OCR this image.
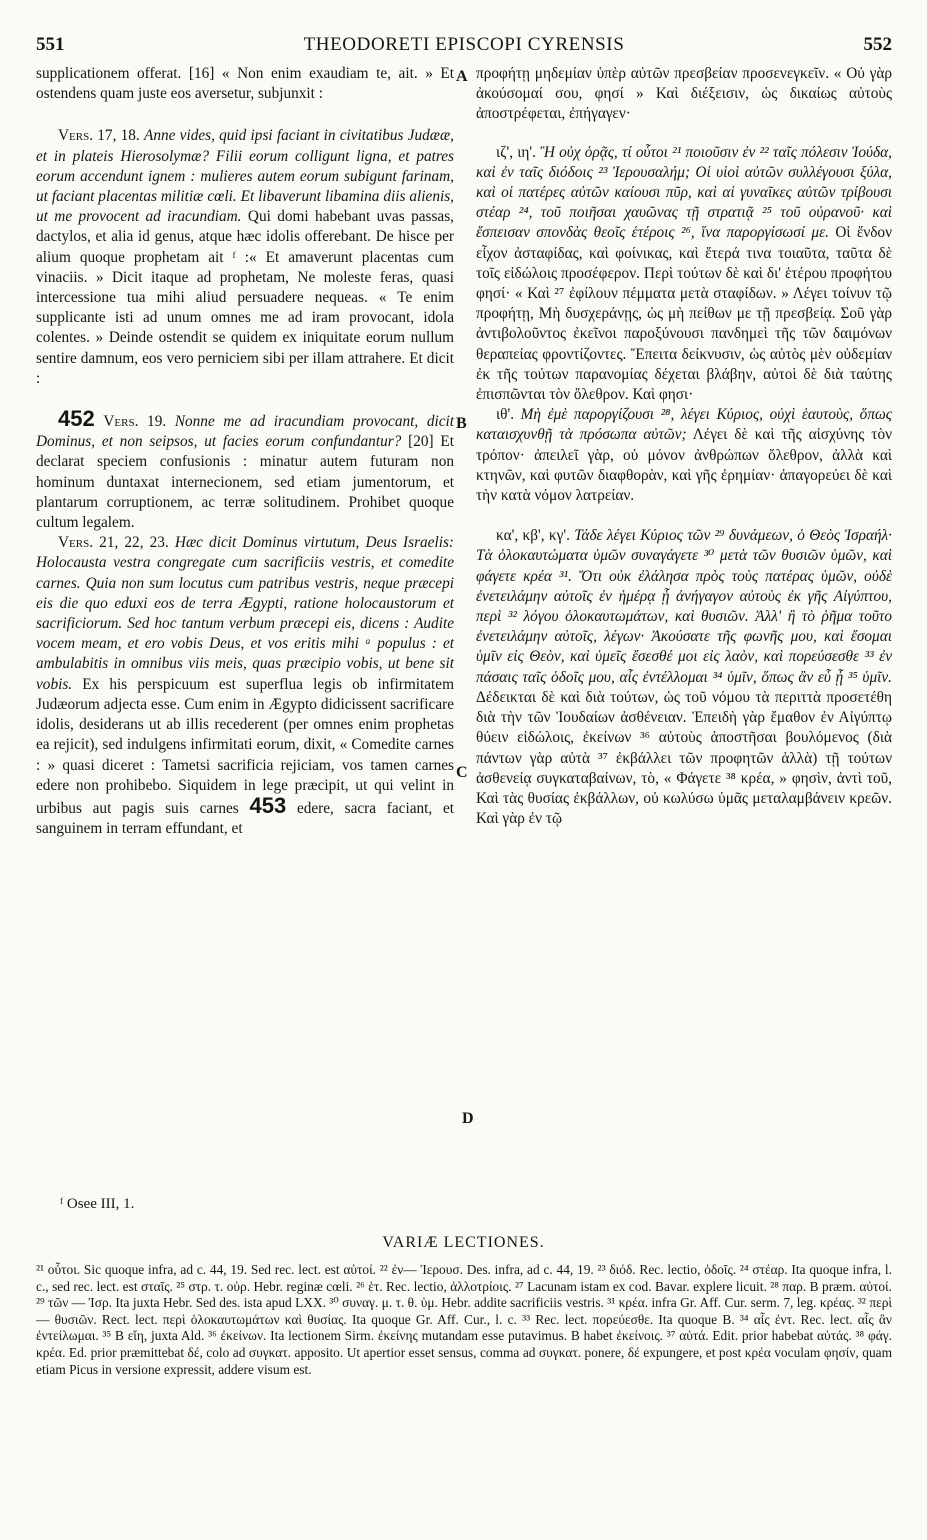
551	THEODORETI EPISCOPI CYRENSIS	552
A
B
C
D

supplicationem offerat. [16] « Non enim exaudiam te, ait. » Et ostendens quam juste eos aversetur, subjunxit :

Vers. 17, 18. Anne vides, quid ipsi faciant in civitatibus Judææ, et in plateis Hierosolymæ? Filii eorum colligunt ligna, et patres eorum accendunt ignem : mulieres autem eorum subigunt farinam, ut faciant placentas militiæ cœli. Et libaverunt libamina diis alienis, ut me provocent ad iracundiam. Qui domi habebant uvas passas, dactylos, et alia id genus, atque hæc idolis offerebant. De hisce per alium quoque prophetam ait ᶠ :« Et amaverunt placentas cum vinaciis. » Dicit itaque ad prophetam, Ne moleste feras, quasi intercessione tua mihi aliud persuadere nequeas. « Te enim supplicante isti ad unum omnes me ad iram provocant, idola colentes. » Deinde ostendit se quidem ex iniquitate eorum nullum sentire damnum, eos vero perniciem sibi per illam attrahere. Et dicit :

452 Vers. 19. Nonne me ad iracundiam provocant, dicit Dominus, et non seipsos, ut facies eorum confundantur? [20] Et declarat speciem confusionis : minatur autem futuram non hominum duntaxat internecionem, sed etiam jumentorum, et plantarum corruptionem, ac terræ solitudinem. Prohibet quoque cultum legalem.

Vers. 21, 22, 23. Hæc dicit Dominus virtutum, Deus Israelis: Holocausta vestra congregate cum sacrificiis vestris, et comedite carnes. Quia non sum locutus cum patribus vestris, neque præcepi eis die quo eduxi eos de terra Ægypti, ratione holocaustorum et sacrificiorum. Sed hoc tantum verbum præcepi eis, dicens : Audite vocem meam, et ero vobis Deus, et vos eritis mihi ᵃ populus : et ambulabitis in omnibus viis meis, quas præcipio vobis, ut bene sit vobis. Ex his perspicuum est superflua legis ob infirmitatem Judæorum adjecta esse. Cum enim in Ægypto didicissent sacrificare idolis, desiderans ut ab illis recederent (per omnes enim prophetas ea rejicit), sed indulgens infirmitati eorum, dixit, « Comedite carnes : » quasi diceret : Tametsi sacrificia rejiciam, vos tamen carnes edere non prohibebo. Siquidem in lege præcipit, ut qui velint in urbibus aut pagis suis carnes 453 edere, sacra faciant, et sanguinem in terram effundant, et

προφήτῃ μηδεμίαν ὑπὲρ αὐτῶν πρεσβείαν προσενεγκεῖν. « Οὐ γὰρ ἀκούσομαί σου, φησί » Καὶ διέξεισιν, ὡς δικαίως αὐτοὺς ἀποστρέφεται, ἐπήγαγεν·

ιζ', ιη'. Ἢ οὐχ ὁρᾷς, τί οὗτοι ²¹ ποιοῦσιν ἐν ²² ταῖς πόλεσιν Ἰούδα, καὶ ἐν ταῖς διόδοις ²³ Ἱερουσαλήμ; Οἱ υἱοὶ αὐτῶν συλλέγουσι ξύλα, καὶ οἱ πατέρες αὐτῶν καίουσι πῦρ, καὶ αἱ γυναῖκες αὐτῶν τρίβουσι στέαρ ²⁴, τοῦ ποιῆσαι χαυῶνας τῇ στρατιᾷ ²⁵ τοῦ οὐρανοῦ· καὶ ἔσπεισαν σπονδὰς θεοῖς ἑτέροις ²⁶, ἵνα παροργίσωσί με. Οἱ ἔνδον εἶχον ἀσταφίδας, καὶ φοίνικας, καὶ ἕτερά τινα τοιαῦτα, ταῦτα δὲ τοῖς εἰδώλοις προσέφερον. Περὶ τούτων δὲ καὶ δι' ἑτέρου προφήτου φησί· « Καὶ ²⁷ ἐφίλουν πέμματα μετὰ σταφίδων. » Λέγει τοίνυν τῷ προφήτῃ, Μὴ δυσχεράνῃς, ὡς μὴ πείθων με τῇ πρεσβείᾳ. Σοῦ γὰρ ἀντιβολοῦντος ἐκεῖνοι παροξύνουσι πανδημεὶ τῆς τῶν δαιμόνων θεραπείας φροντίζοντες. Ἔπειτα δείκνυσιν, ὡς αὐτὸς μὲν οὐδεμίαν ἐκ τῆς τούτων παρανομίας δέχεται βλάβην, αὐτοὶ δὲ διὰ ταύτης ἐπισπῶνται τὸν ὄλεθρον. Καὶ φησι·

ιθ'. Μὴ ἐμὲ παροργίζουσι ²⁸, λέγει Κύριος, οὐχὶ ἑαυτοὺς, ὅπως καταισχυνθῇ τὰ πρόσωπα αὐτῶν; Λέγει δὲ καὶ τῆς αἰσχύνης τὸν τρόπον· ἀπειλεῖ γὰρ, οὐ μόνον ἀνθρώπων ὄλεθρον, ἀλλὰ καὶ κτηνῶν, καὶ φυτῶν διαφθορὰν, καὶ γῆς ἐρημίαν· ἀπαγορεύει δὲ καὶ τὴν κατὰ νόμον λατρείαν.

κα', κβ', κγ'. Τάδε λέγει Κύριος τῶν ²⁹ δυνάμεων, ὁ Θεὸς Ἰσραήλ· Τὰ ὁλοκαυτώματα ὑμῶν συναγάγετε ³⁰ μετὰ τῶν θυσιῶν ὑμῶν, καὶ φάγετε κρέα ³¹. Ὅτι οὐκ ἐλάλησα πρὸς τοὺς πατέρας ὑμῶν, οὐδὲ ἐνετειλάμην αὐτοῖς ἐν ἡμέρᾳ ᾗ ἀνήγαγον αὐτοὺς ἐκ γῆς Αἰγύπτου, περὶ ³² λόγου ὁλοκαυτωμάτων, καὶ θυσιῶν. Ἀλλ' ἢ τὸ ῥῆμα τοῦτο ἐνετειλάμην αὐτοῖς, λέγων· Ἀκούσατε τῆς φωνῆς μου, καὶ ἔσομαι ὑμῖν εἰς Θεὸν, καὶ ὑμεῖς ἔσεσθέ μοι εἰς λαὸν, καὶ πορεύσεσθε ³³ ἐν πάσαις ταῖς ὁδοῖς μου, αἷς ἐντέλλομαι ³⁴ ὑμῖν, ὅπως ἂν εὖ ᾖ ³⁵ ὑμῖν. Δέδεικται δὲ καὶ διὰ τούτων, ὡς τοῦ νόμου τὰ περιττὰ προσετέθη διὰ τὴν τῶν Ἰουδαίων ἀσθένειαν. Ἐπειδὴ γὰρ ἔμαθον ἐν Αἰγύπτῳ θύειν εἰδώλοις, ἐκείνων ³⁶ αὐτοὺς ἀποστῆσαι βουλόμενος (διὰ πάντων γὰρ αὐτὰ ³⁷ ἐκβάλλει τῶν προφητῶν ἀλλὰ) τῇ τούτων ἀσθενείᾳ συγκαταβαίνων, τὸ, « Φάγετε ³⁸ κρέα, » φησὶν, ἀντὶ τοῦ, Καὶ τὰς θυσίας ἐκβάλλων, οὐ κωλύσω ὑμᾶς μεταλαμβάνειν κρεῶν. Καὶ γὰρ ἐν τῷ

ᶠ Osee III, 1.
VARIÆ LECTIONES.
²¹ οὗτοι. Sic quoque infra, ad c. 44, 19. Sed rec. lect. est αὐτοί. ²² ἐν— Ἱερουσ. Des. infra, ad c. 44, 19. ²³ διόδ. Rec. lectio, ὁδοῖς. ²⁴ στέαρ. Ita quoque infra, l. c., sed rec. lect. est σταῖς. ²⁵ στρ. τ. οὐρ. Hebr. reginæ cœli. ²⁶ ἑτ. Rec. lectio, ἀλλοτρίοις. ²⁷ Lacunam istam ex cod. Bavar. explere licuit. ²⁸ παρ. B præm. αὐτοί. ²⁹ τῶν — Ἰσρ. Ita juxta Hebr. Sed des. ista apud LXX. ³⁰ συναγ. μ. τ. θ. ὑμ. Hebr. addite sacrificiis vestris. ³¹ κρέα. infra Gr. Aff. Cur. serm. 7, leg. κρέας. ³² περὶ — θυσιῶν. Rect. lect. περὶ ὁλοκαυτωμάτων καὶ θυσίας. Ita quoque Gr. Aff. Cur., l. c. ³³ Rec. lect. πορεύεσθε. Ita quoque B. ³⁴ αἷς ἐντ. Rec. lect. αἷς ἂν ἐντείλωμαι. ³⁵ B εἴη, juxta Ald. ³⁶ ἐκείνων. Ita lectionem Sirm. ἐκείνης mutandam esse putavimus. B habet ἐκείνοις. ³⁷ αὐτά. Edit. prior habebat αὐτάς. ³⁸ φάγ. κρέα. Ed. prior præmittebat δέ, colo ad συγκατ. apposito. Ut apertior esset sensus, comma ad συγκατ. ponere, δέ expungere, et post κρέα voculam φησίν, quam etiam Picus in versione expressit, addere visum est.
